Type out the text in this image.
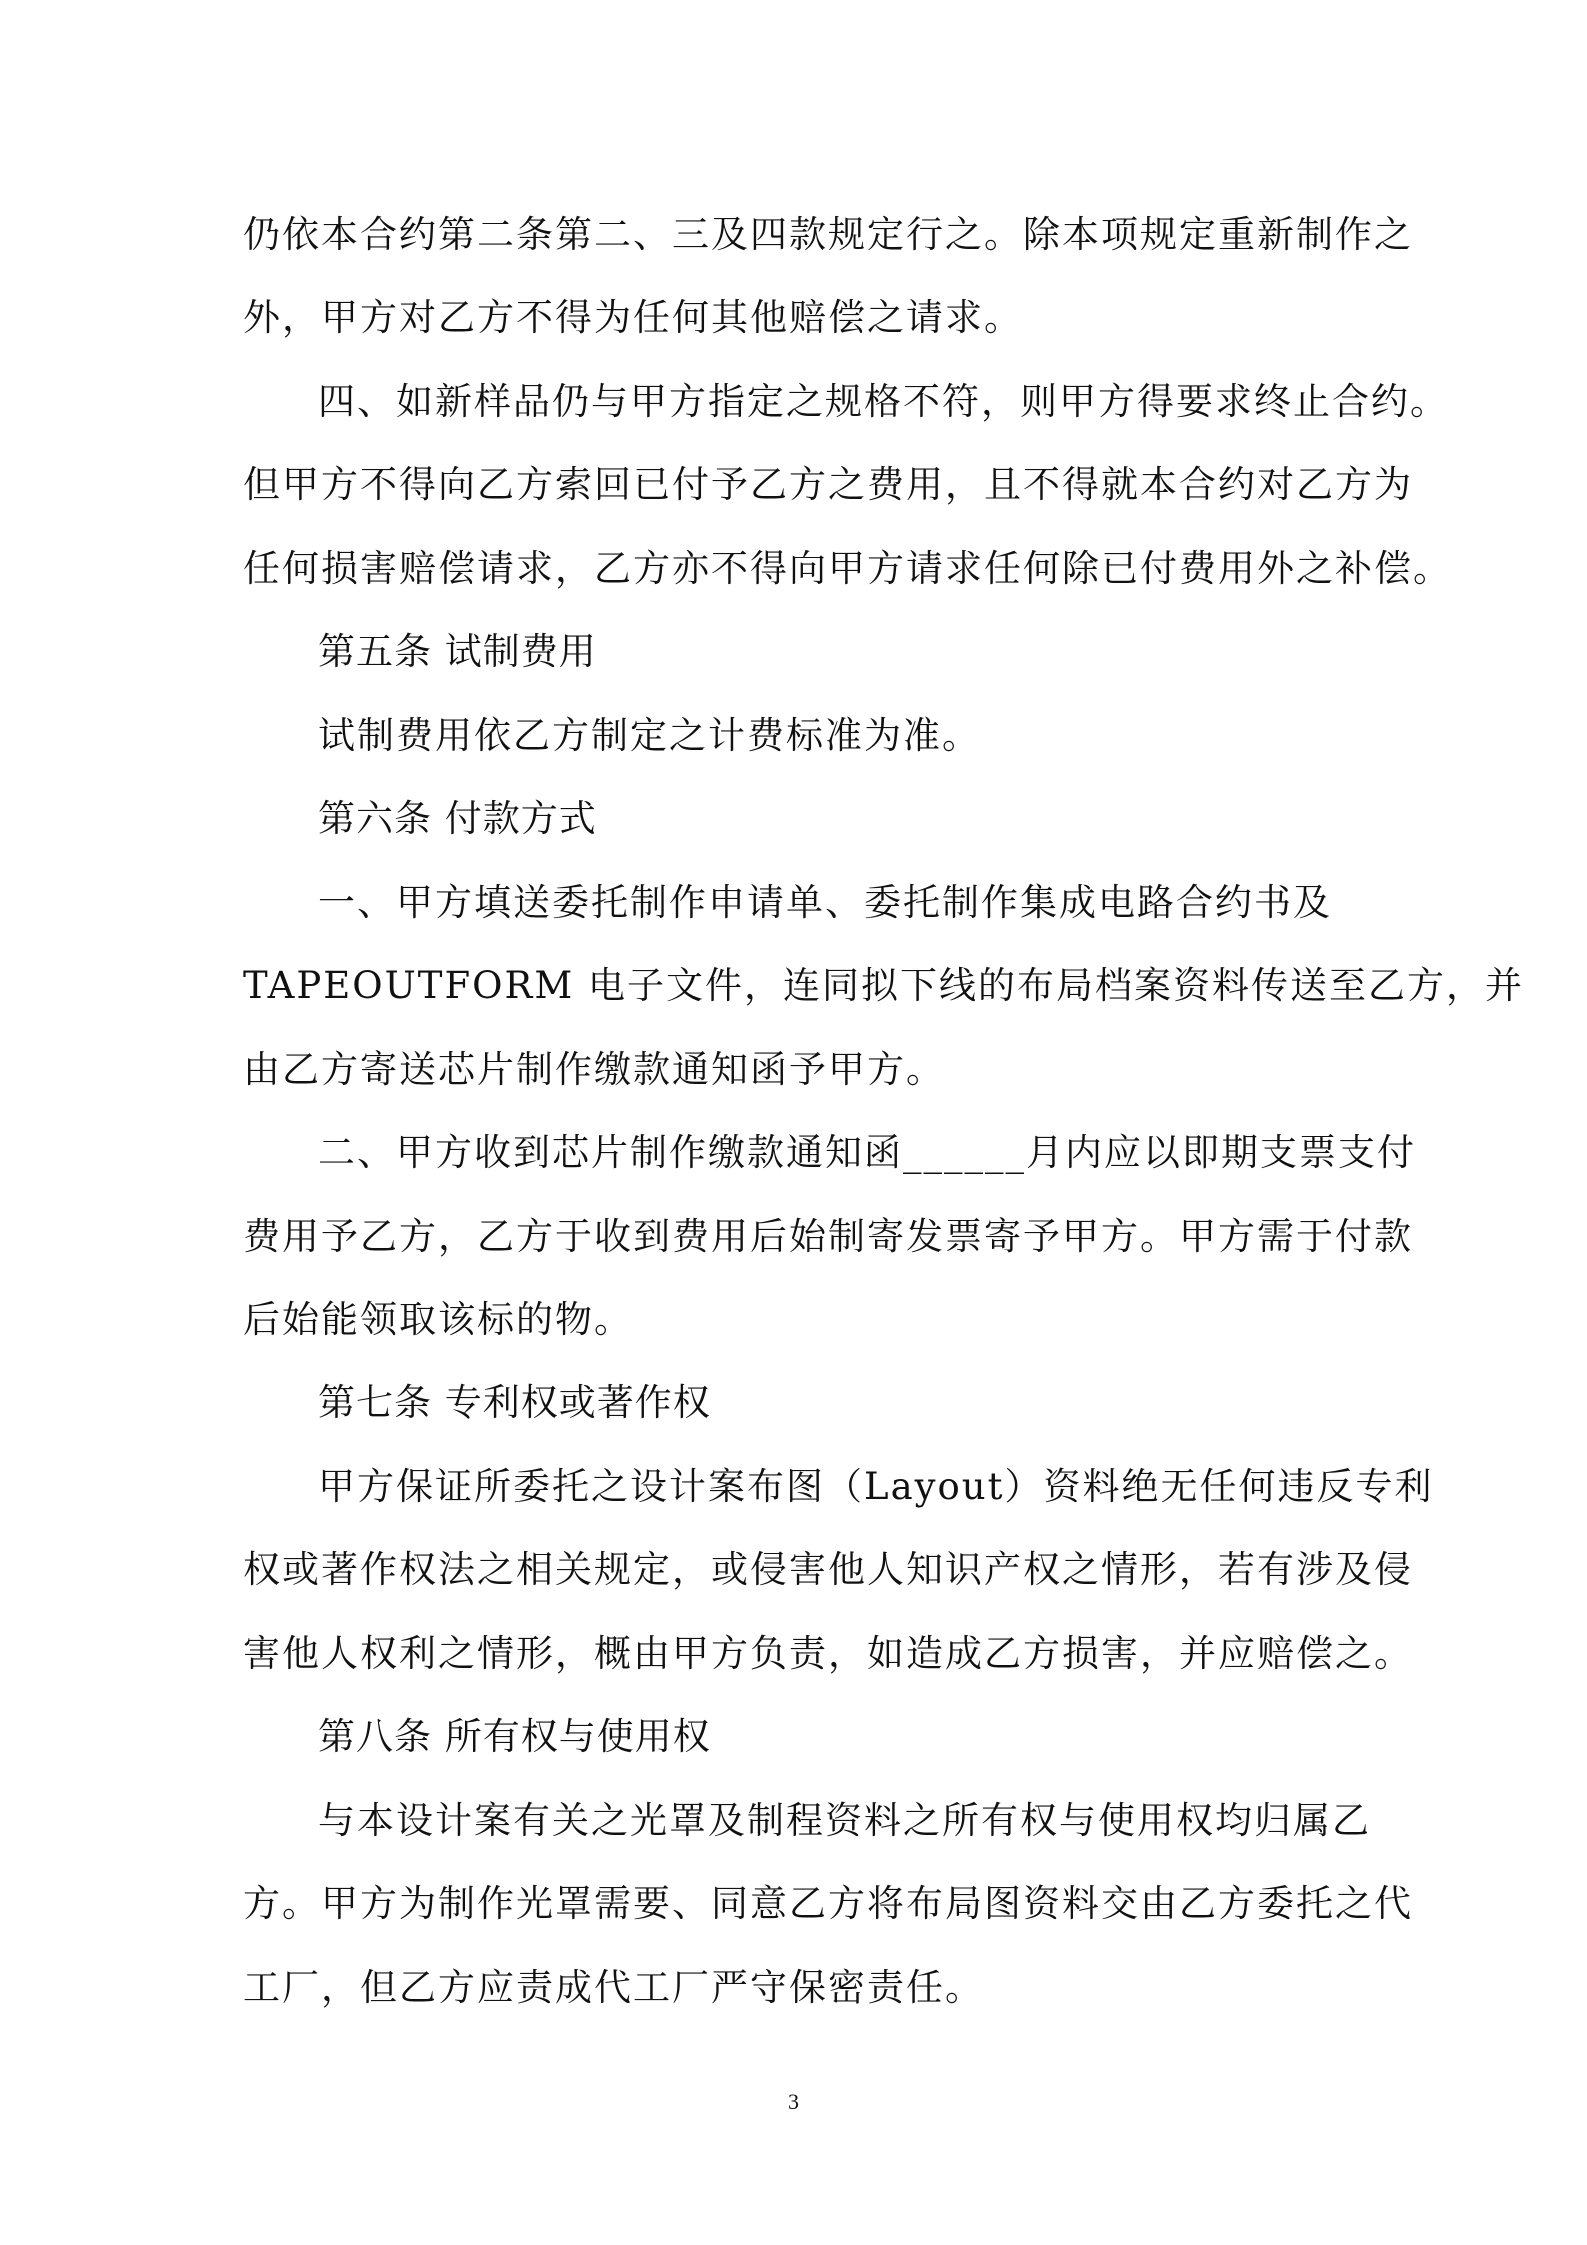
仍依本合约第二条第二、三及四款规定行之。除本项规定重新制作之
外，甲方对乙方不得为任何其他赔偿之请求。
四、如新样品仍与甲方指定之规格不符，则甲方得要求终止合约。
但甲方不得向乙方索回已付予乙方之费用，且不得就本合约对乙方为
任何损害赔偿请求，乙方亦不得向甲方请求任何除已付费用外之补偿。
第五条 试制费用
试制费用依乙方制定之计费标准为准。
第六条 付款方式
一、甲方填送委托制作申请单、委托制作集成电路合约书及
TAPEOUTFORM 电子文件，连同拟下线的布局档案资料传送至乙方，并
由乙方寄送芯片制作缴款通知函予甲方。
二、甲方收到芯片制作缴款通知函______月内应以即期支票支付
费用予乙方，乙方于收到费用后始制寄发票寄予甲方。甲方需于付款
后始能领取该标的物。
第七条 专利权或著作权
甲方保证所委托之设计案布图（Layout）资料绝无任何违反专利
权或著作权法之相关规定，或侵害他人知识产权之情形，若有涉及侵
害他人权利之情形，概由甲方负责，如造成乙方损害，并应赔偿之。
第八条 所有权与使用权
与本设计案有关之光罩及制程资料之所有权与使用权均归属乙
方。甲方为制作光罩需要、同意乙方将布局图资料交由乙方委托之代
工厂，但乙方应责成代工厂严守保密责任。
3
